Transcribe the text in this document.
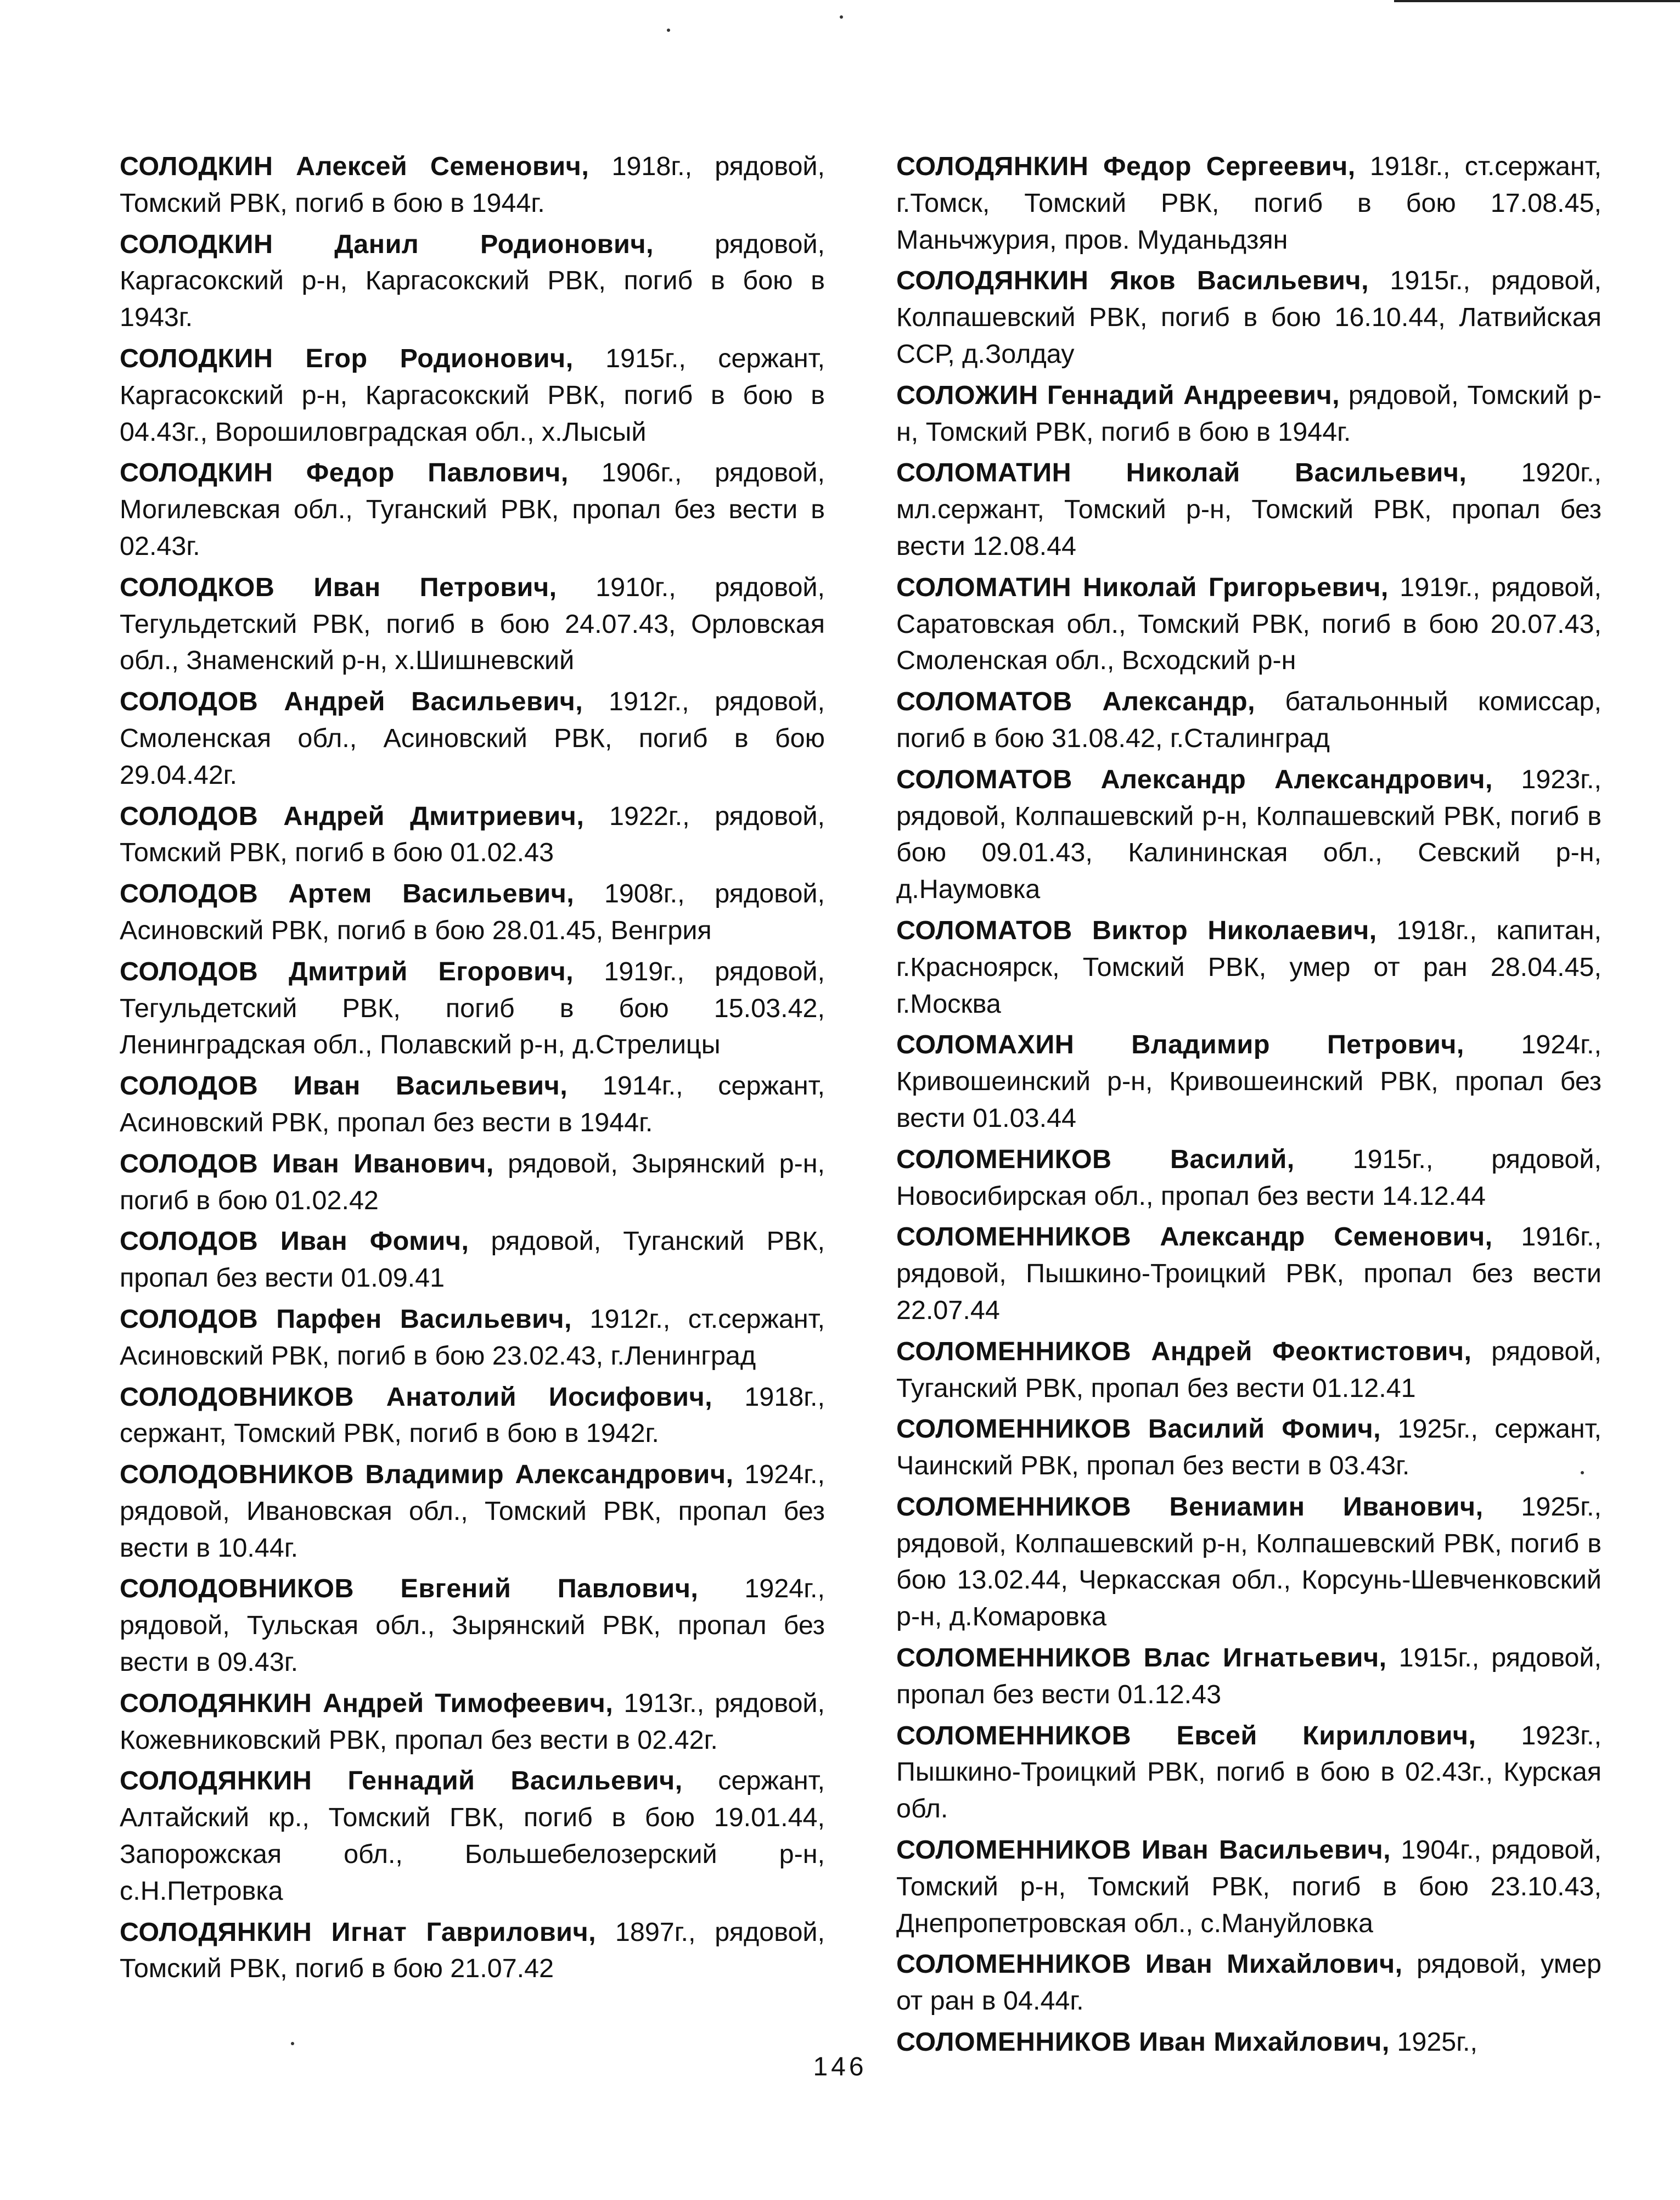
СОЛОДКИН Алексей Семенович, 1918г., рядовой, Томский РВК, погиб в бою в 1944г.

СОЛОДКИН Данил Родионович, рядовой, Каргасокский р-н, Каргасокский РВК, погиб в бою в 1943г.

СОЛОДКИН Егор Родионович, 1915г., сержант, Каргасокский р-н, Каргасокский РВК, погиб в бою в 04.43г., Ворошиловградская обл., х.Лысый

СОЛОДКИН Федор Павлович, 1906г., рядовой, Могилевская обл., Туганский РВК, пропал без вести в 02.43г.

СОЛОДКОВ Иван Петрович, 1910г., рядовой, Тегульдетский РВК, погиб в бою 24.07.43, Орловская обл., Знаменский р-н, х.Шишневский

СОЛОДОВ Андрей Васильевич, 1912г., рядовой, Смоленская обл., Асиновский РВК, погиб в бою 29.04.42г.

СОЛОДОВ Андрей Дмитриевич, 1922г., рядовой, Томский РВК, погиб в бою 01.02.43

СОЛОДОВ Артем Васильевич, 1908г., рядовой, Асиновский РВК, погиб в бою 28.01.45, Венгрия

СОЛОДОВ Дмитрий Егорович, 1919г., рядовой, Тегульдетский РВК, погиб в бою 15.03.42, Ленинградская обл., Полавский р-н, д.Стрелицы

СОЛОДОВ Иван Васильевич, 1914г., сержант, Асиновский РВК, пропал без вести в 1944г.

СОЛОДОВ Иван Иванович, рядовой, Зырянский р-н, погиб в бою 01.02.42

СОЛОДОВ Иван Фомич, рядовой, Туганский РВК, пропал без вести 01.09.41

СОЛОДОВ Парфен Васильевич, 1912г., ст.сержант, Асиновский РВК, погиб в бою 23.02.43, г.Ленинград

СОЛОДОВНИКОВ Анатолий Иосифович, 1918г., сержант, Томский РВК, погиб в бою в 1942г.

СОЛОДОВНИКОВ Владимир Александрович, 1924г., рядовой, Ивановская обл., Томский РВК, пропал без вести в 10.44г.

СОЛОДОВНИКОВ Евгений Павлович, 1924г., рядовой, Тульская обл., Зырянский РВК, пропал без вести в 09.43г.

СОЛОДЯНКИН Андрей Тимофеевич, 1913г., рядовой, Кожевниковский РВК, пропал без вести в 02.42г.

СОЛОДЯНКИН Геннадий Васильевич, сержант, Алтайский кр., Томский ГВК, погиб в бою 19.01.44, Запорожская обл., Большебелозерский р-н, с.Н.Петровка

СОЛОДЯНКИН Игнат Гаврилович, 1897г., рядовой, Томский РВК, погиб в бою 21.07.42

СОЛОДЯНКИН Федор Сергеевич, 1918г., ст.сержант, г.Томск, Томский РВК, погиб в бою 17.08.45, Маньчжурия, пров. Муданьдзян

СОЛОДЯНКИН Яков Васильевич, 1915г., рядовой, Колпашевский РВК, погиб в бою 16.10.44, Латвийская ССР, д.Золдау

СОЛОЖИН Геннадий Андреевич, рядовой, Томский р-н, Томский РВК, погиб в бою в 1944г.

СОЛОМАТИН Николай Васильевич, 1920г., мл.сержант, Томский р-н, Томский РВК, пропал без вести 12.08.44

СОЛОМАТИН Николай Григорьевич, 1919г., рядовой, Саратовская обл., Томский РВК, погиб в бою 20.07.43, Смоленская обл., Всходский р-н

СОЛОМАТОВ Александр, батальонный комиссар, погиб в бою 31.08.42, г.Сталинград

СОЛОМАТОВ Александр Александрович, 1923г., рядовой, Колпашевский р-н, Колпашевский РВК, погиб в бою 09.01.43, Калининская обл., Севский р-н, д.Наумовка

СОЛОМАТОВ Виктор Николаевич, 1918г., капитан, г.Красноярск, Томский РВК, умер от ран 28.04.45, г.Москва

СОЛОМАХИН Владимир Петрович, 1924г., Кривошеинский р-н, Кривошеинский РВК, пропал без вести 01.03.44

СОЛОМЕНИКОВ Василий, 1915г., рядовой, Новосибирская обл., пропал без вести 14.12.44

СОЛОМЕННИКОВ Александр Семенович, 1916г., рядовой, Пышкино-Троицкий РВК, пропал без вести 22.07.44

СОЛОМЕННИКОВ Андрей Феоктистович, рядовой, Туганский РВК, пропал без вести 01.12.41

СОЛОМЕННИКОВ Василий Фомич, 1925г., сержант, Чаинский РВК, пропал без вести в 03.43г.

СОЛОМЕННИКОВ Вениамин Иванович, 1925г., рядовой, Колпашевский р-н, Колпашевский РВК, погиб в бою 13.02.44, Черкасская обл., Корсунь-Шевченковский р-н, д.Комаровка

СОЛОМЕННИКОВ Влас Игнатьевич, 1915г., рядовой, пропал без вести 01.12.43

СОЛОМЕННИКОВ Евсей Кириллович, 1923г., Пышкино-Троицкий РВК, погиб в бою в 02.43г., Курская обл.

СОЛОМЕННИКОВ Иван Васильевич, 1904г., рядовой, Томский р-н, Томский РВК, погиб в бою 23.10.43, Днепропетровская обл., с.Мануйловка

СОЛОМЕННИКОВ Иван Михайлович, рядовой, умер от ран в 04.44г.

СОЛОМЕННИКОВ Иван Михайлович, 1925г.,

146
